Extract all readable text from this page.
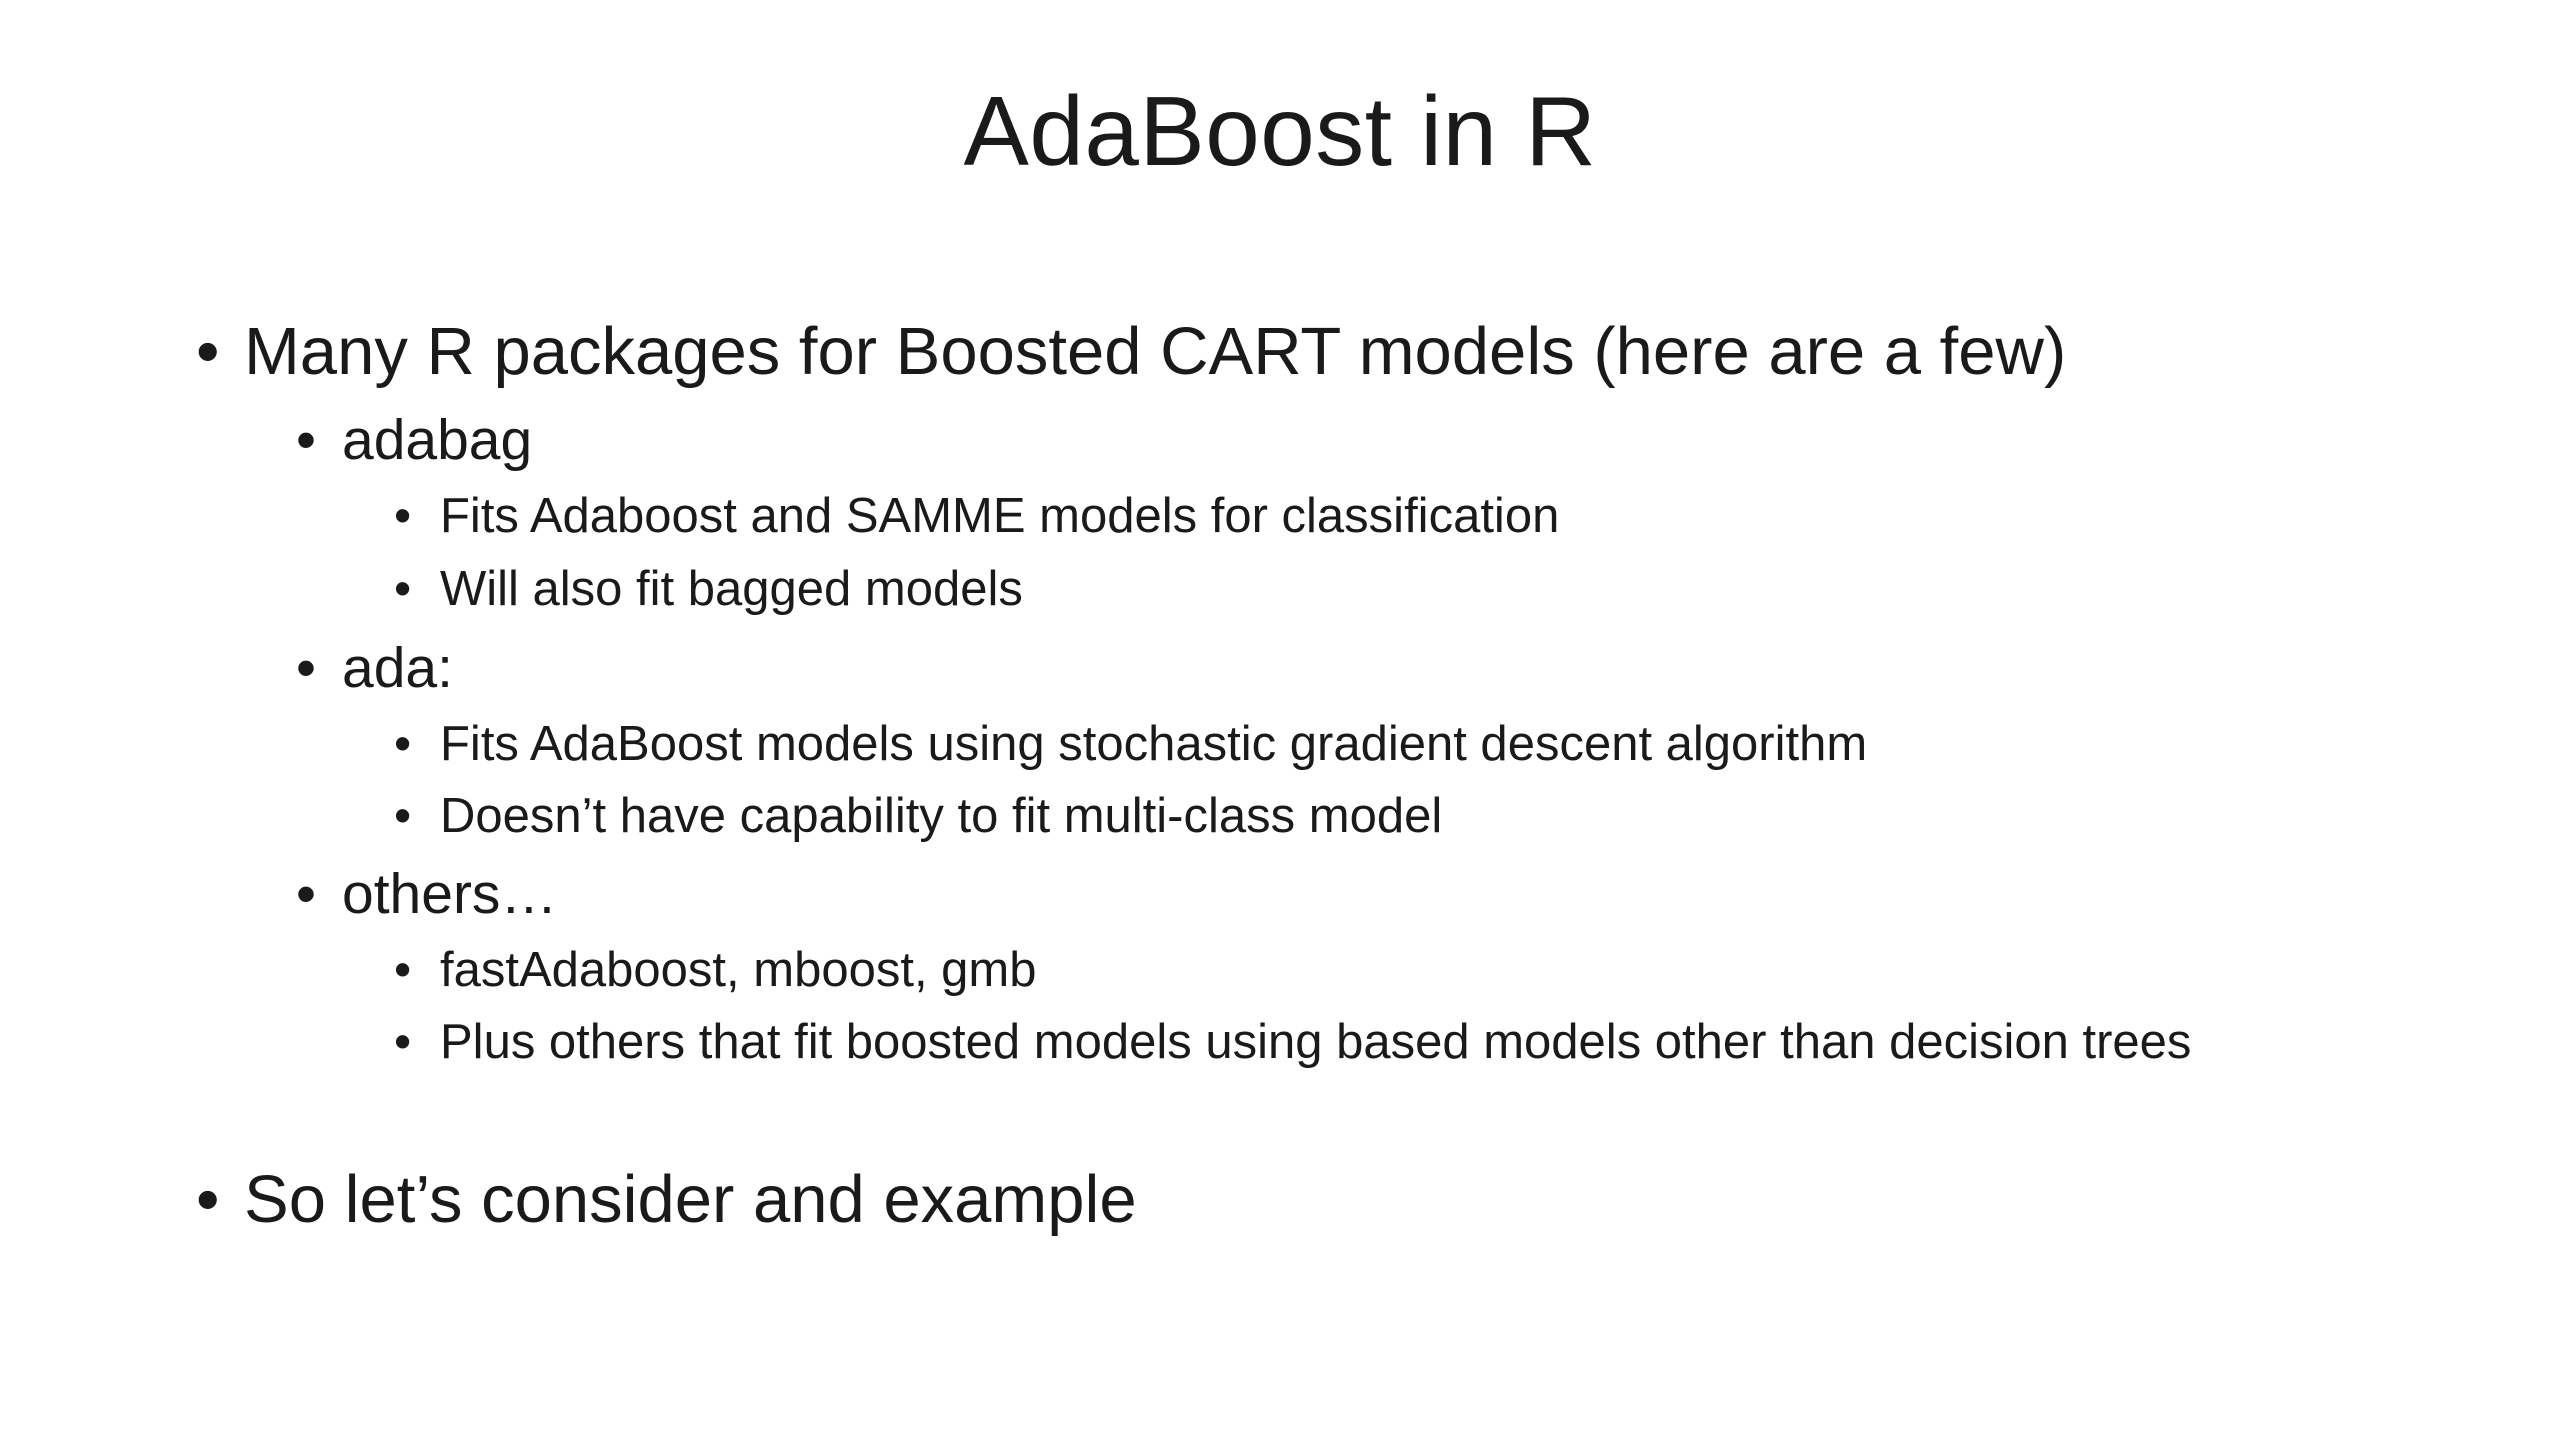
AdaBoost in R
• Many R packages for Boosted CART models (here are a few)
• adabag
• Fits Adaboost and SAMME models for classification
• Will also fit bagged models
• ada:
• Fits AdaBoost models using stochastic gradient descent algorithm
• Doesn’t have capability to fit multi-class model
• others…
• fastAdaboost, mboost, gmb
• Plus others that fit boosted models using based models other than decision trees
• So let’s consider and example
